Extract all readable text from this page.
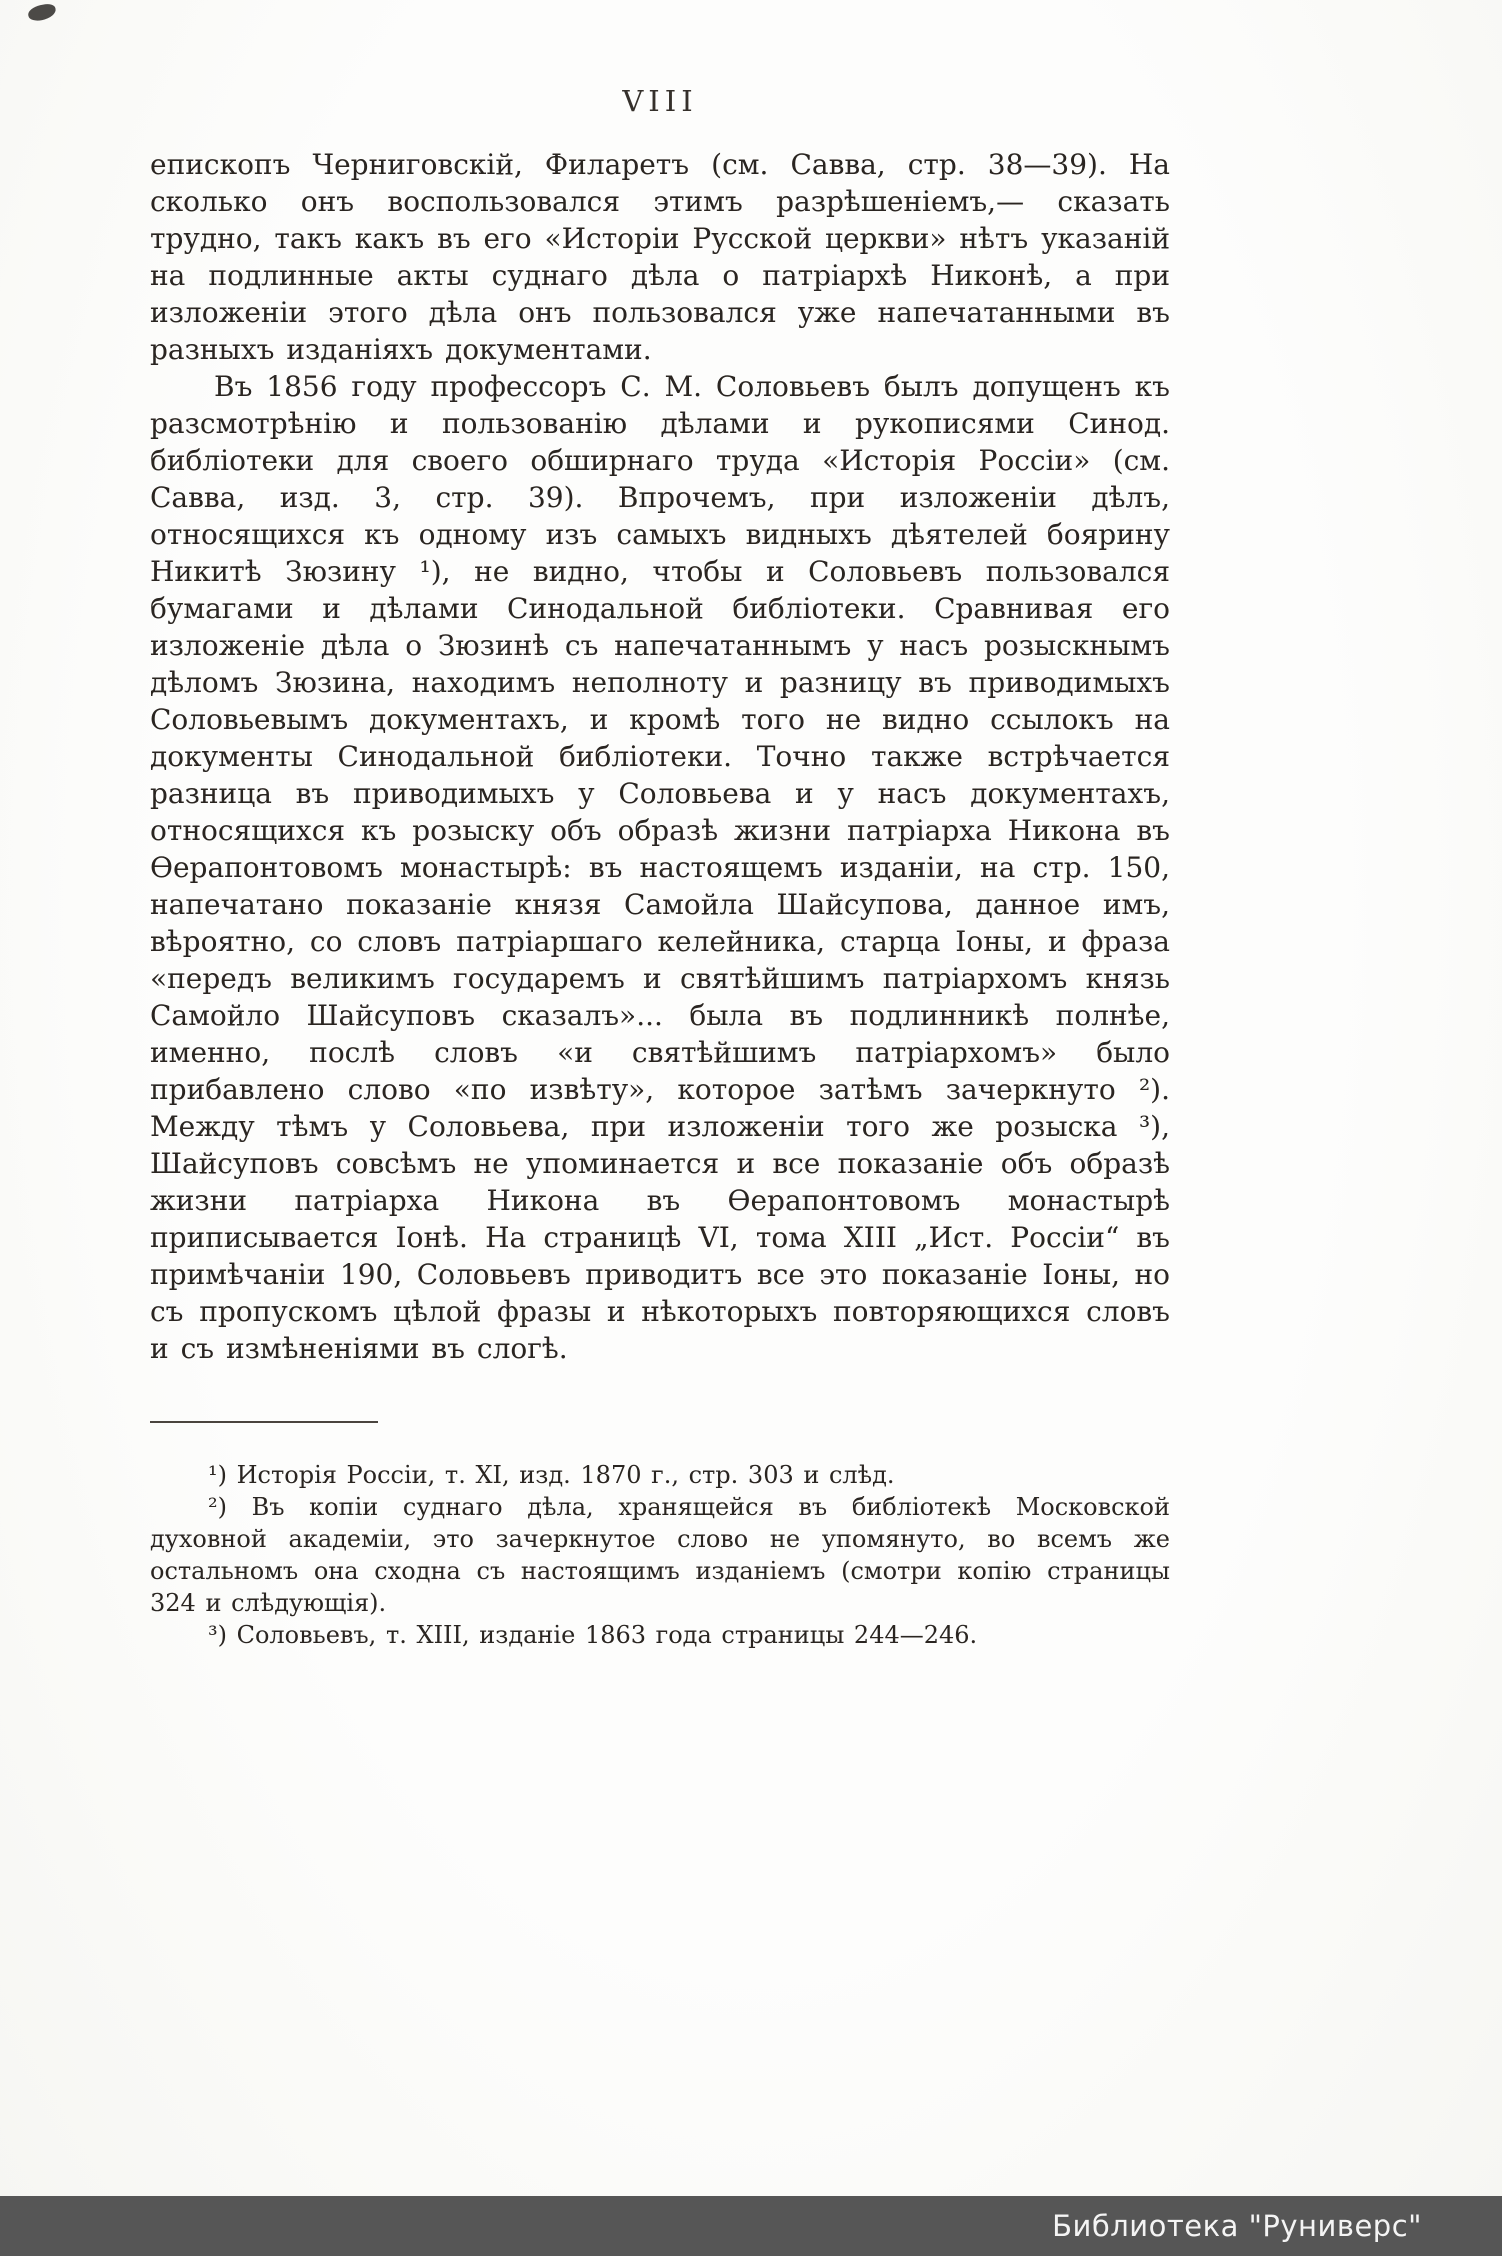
VIII

епископъ Черниговскій, Филаретъ (см. Савва, стр. 38—39). На сколько онъ воспользовался этимъ разрѣшеніемъ,— сказать трудно, такъ какъ въ его «Исторіи Русской церкви» нѣтъ указаній на подлинные акты суднаго дѣла о патріархѣ Никонѣ, а при изложеніи этого дѣла онъ пользовался уже напечатанными въ разныхъ изданіяхъ документами.

Въ 1856 году профессоръ С. М. Соловьевъ былъ допущенъ къ разсмотрѣнію и пользованію дѣлами и рукописями Синод. библіотеки для своего обширнаго труда «Исторія Россіи» (см. Савва, изд. 3, стр. 39). Впрочемъ, при изложеніи дѣлъ, относящихся къ одному изъ самыхъ видныхъ дѣятелей боярину Никитѣ Зюзину ¹), не видно, чтобы и Соловьевъ пользовался бумагами и дѣлами Синодальной библіотеки. Сравнивая его изложеніе дѣла о Зюзинѣ съ напечатаннымъ у насъ розыскнымъ дѣломъ Зюзина, находимъ неполноту и разницу въ приводимыхъ Соловьевымъ документахъ, и кромѣ того не видно ссылокъ на документы Синодальной библіотеки. Точно также встрѣчается разница въ приводимыхъ у Соловьева и у насъ документахъ, относящихся къ розыску объ образѣ жизни патріарха Никона въ Ѳерапонтовомъ монастырѣ: въ настоящемъ изданіи, на стр. 150, напечатано показаніе князя Самойла Шайсупова, данное имъ, вѣроятно, со словъ патріаршаго келейника, старца Іоны, и фраза «передъ великимъ государемъ и святѣйшимъ патріархомъ князь Самойло Шайсуповъ сказалъ»... была въ подлинникѣ полнѣе, именно, послѣ словъ «и святѣйшимъ патріархомъ» было прибавлено слово «по извѣту», которое затѣмъ зачеркнуто ²). Между тѣмъ у Соловьева, при изложеніи того же розыска ³), Шайсуповъ совсѣмъ не упоминается и все показаніе объ образѣ жизни патріарха Никона въ Ѳерапонтовомъ монастырѣ приписывается Іонѣ. На страницѣ VI, тома XIII „Ист. Россіи“ въ примѣчаніи 190, Соловьевъ приводитъ все это показаніе Іоны, но съ пропускомъ цѣлой фразы и нѣкоторыхъ повторяющихся словъ и съ измѣненіями въ слогѣ.

¹) Исторія Россіи, т. XI, изд. 1870 г., стр. 303 и слѣд.

²) Въ копіи суднаго дѣла, хранящейся въ библіотекѣ Московской духовной академіи, это зачеркнутое слово не упомянуто, во всемъ же остальномъ она сходна съ настоящимъ изданіемъ (смотри копію страницы 324 и слѣдующія).

³) Соловьевъ, т. XIII, изданіе 1863 года страницы 244—246.

Библиотека "Руниверс"
